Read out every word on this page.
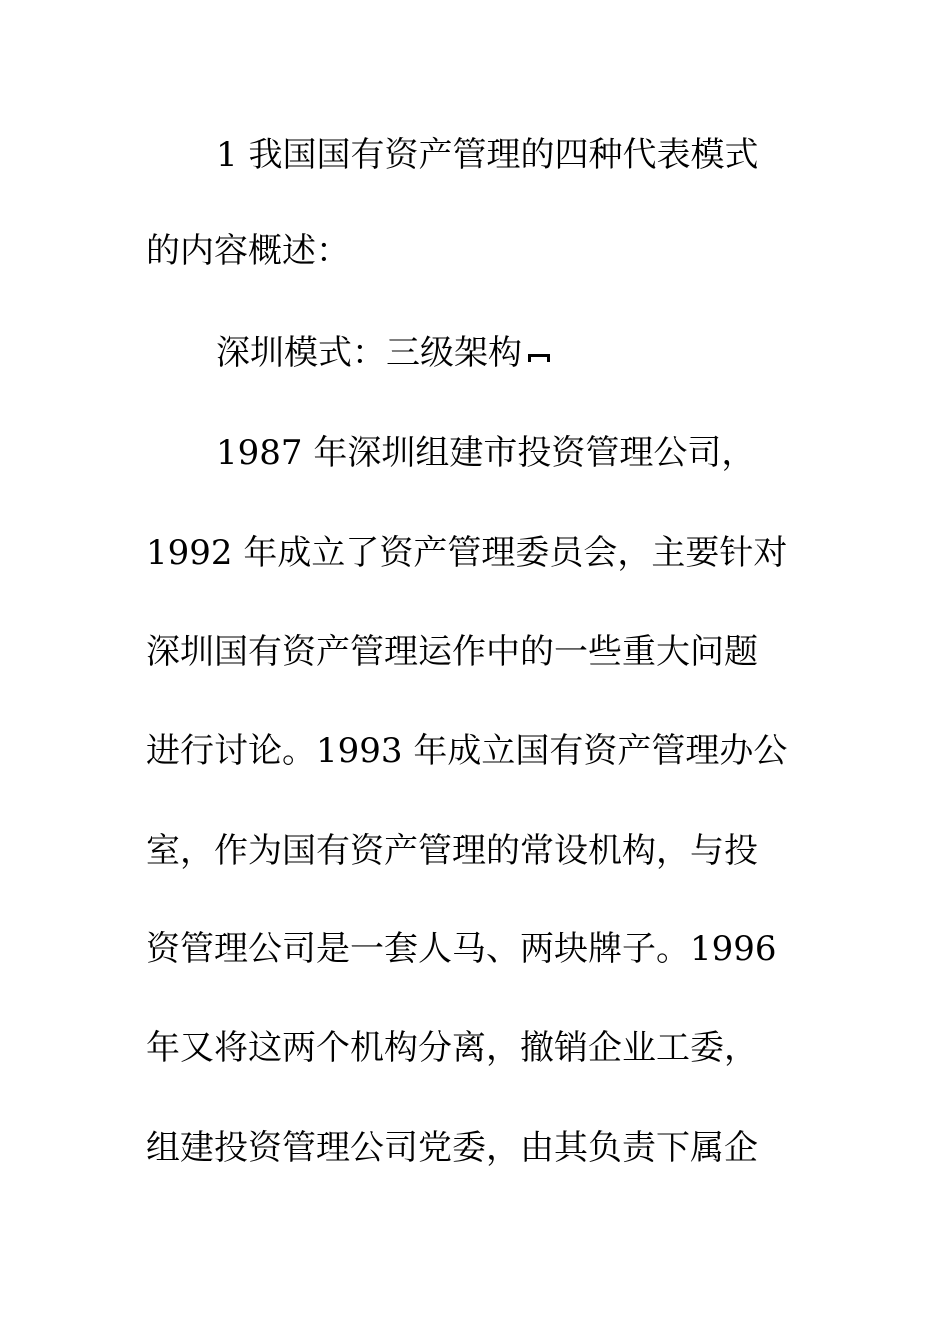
1 我国国有资产管理的四种代表模式
的内容概述：
深圳模式：三级架构
1987 年深圳组建市投资管理公司，
1992 年成立了资产管理委员会，主要针对
深圳国有资产管理运作中的一些重大问题
进行讨论。1993 年成立国有资产管理办公
室，作为国有资产管理的常设机构，与投
资管理公司是一套人马、两块牌子。1996
年又将这两个机构分离，撤销企业工委，
组建投资管理公司党委，由其负责下属企
